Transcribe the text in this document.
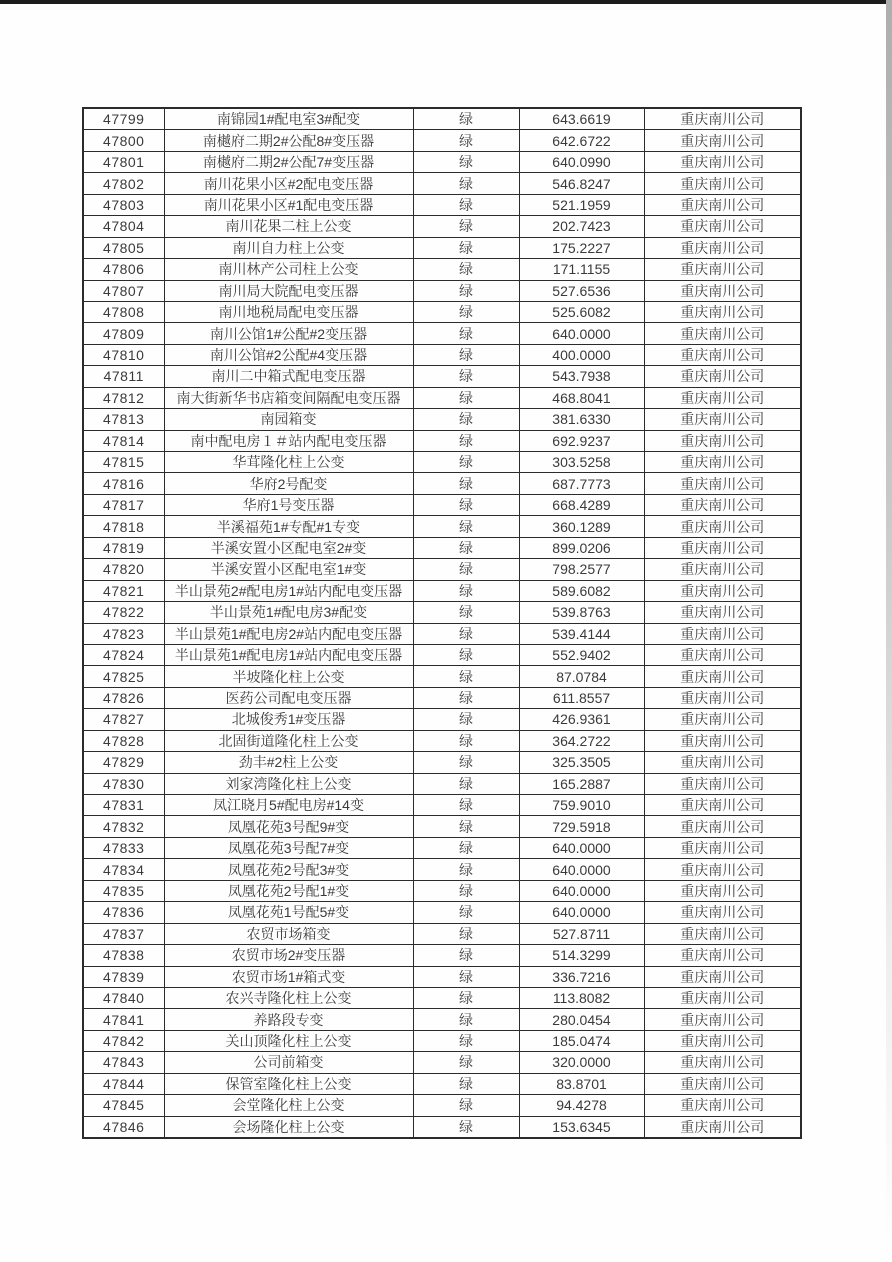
47799	南锦园1#配电室3#配变	绿	643.6619	重庆南川公司
47800	南樾府二期2#公配8#变压器	绿	642.6722	重庆南川公司
47801	南樾府二期2#公配7#变压器	绿	640.0990	重庆南川公司
47802	南川花果小区#2配电变压器	绿	546.8247	重庆南川公司
47803	南川花果小区#1配电变压器	绿	521.1959	重庆南川公司
47804	南川花果二柱上公变	绿	202.7423	重庆南川公司
47805	南川自力柱上公变	绿	175.2227	重庆南川公司
47806	南川林产公司柱上公变	绿	171.1155	重庆南川公司
47807	南川局大院配电变压器	绿	527.6536	重庆南川公司
47808	南川地税局配电变压器	绿	525.6082	重庆南川公司
47809	南川公馆1#公配#2变压器	绿	640.0000	重庆南川公司
47810	南川公馆#2公配#4变压器	绿	400.0000	重庆南川公司
47811	南川二中箱式配电变压器	绿	543.7938	重庆南川公司
47812	南大街新华书店箱变间隔配电变压器	绿	468.8041	重庆南川公司
47813	南园箱变	绿	381.6330	重庆南川公司
47814	南中配电房１＃站内配电变压器	绿	692.9237	重庆南川公司
47815	华茸隆化柱上公变	绿	303.5258	重庆南川公司
47816	华府2号配变	绿	687.7773	重庆南川公司
47817	华府1号变压器	绿	668.4289	重庆南川公司
47818	半溪福苑1#专配#1专变	绿	360.1289	重庆南川公司
47819	半溪安置小区配电室2#变	绿	899.0206	重庆南川公司
47820	半溪安置小区配电室1#变	绿	798.2577	重庆南川公司
47821	半山景苑2#配电房1#站内配电变压器	绿	589.6082	重庆南川公司
47822	半山景苑1#配电房3#配变	绿	539.8763	重庆南川公司
47823	半山景苑1#配电房2#站内配电变压器	绿	539.4144	重庆南川公司
47824	半山景苑1#配电房1#站内配电变压器	绿	552.9402	重庆南川公司
47825	半坡隆化柱上公变	绿	87.0784	重庆南川公司
47826	医药公司配电变压器	绿	611.8557	重庆南川公司
47827	北城俊秀1#变压器	绿	426.9361	重庆南川公司
47828	北固街道隆化柱上公变	绿	364.2722	重庆南川公司
47829	劲丰#2柱上公变	绿	325.3505	重庆南川公司
47830	刘家湾隆化柱上公变	绿	165.2887	重庆南川公司
47831	凤江晓月5#配电房#14变	绿	759.9010	重庆南川公司
47832	凤凰花苑3号配9#变	绿	729.5918	重庆南川公司
47833	凤凰花苑3号配7#变	绿	640.0000	重庆南川公司
47834	凤凰花苑2号配3#变	绿	640.0000	重庆南川公司
47835	凤凰花苑2号配1#变	绿	640.0000	重庆南川公司
47836	凤凰花苑1号配5#变	绿	640.0000	重庆南川公司
47837	农贸市场箱变	绿	527.8711	重庆南川公司
47838	农贸市场2#变压器	绿	514.3299	重庆南川公司
47839	农贸市场1#箱式变	绿	336.7216	重庆南川公司
47840	农兴寺隆化柱上公变	绿	113.8082	重庆南川公司
47841	养路段专变	绿	280.0454	重庆南川公司
47842	关山顶隆化柱上公变	绿	185.0474	重庆南川公司
47843	公司前箱变	绿	320.0000	重庆南川公司
47844	保管室隆化柱上公变	绿	83.8701	重庆南川公司
47845	会堂隆化柱上公变	绿	94.4278	重庆南川公司
47846	会场隆化柱上公变	绿	153.6345	重庆南川公司
